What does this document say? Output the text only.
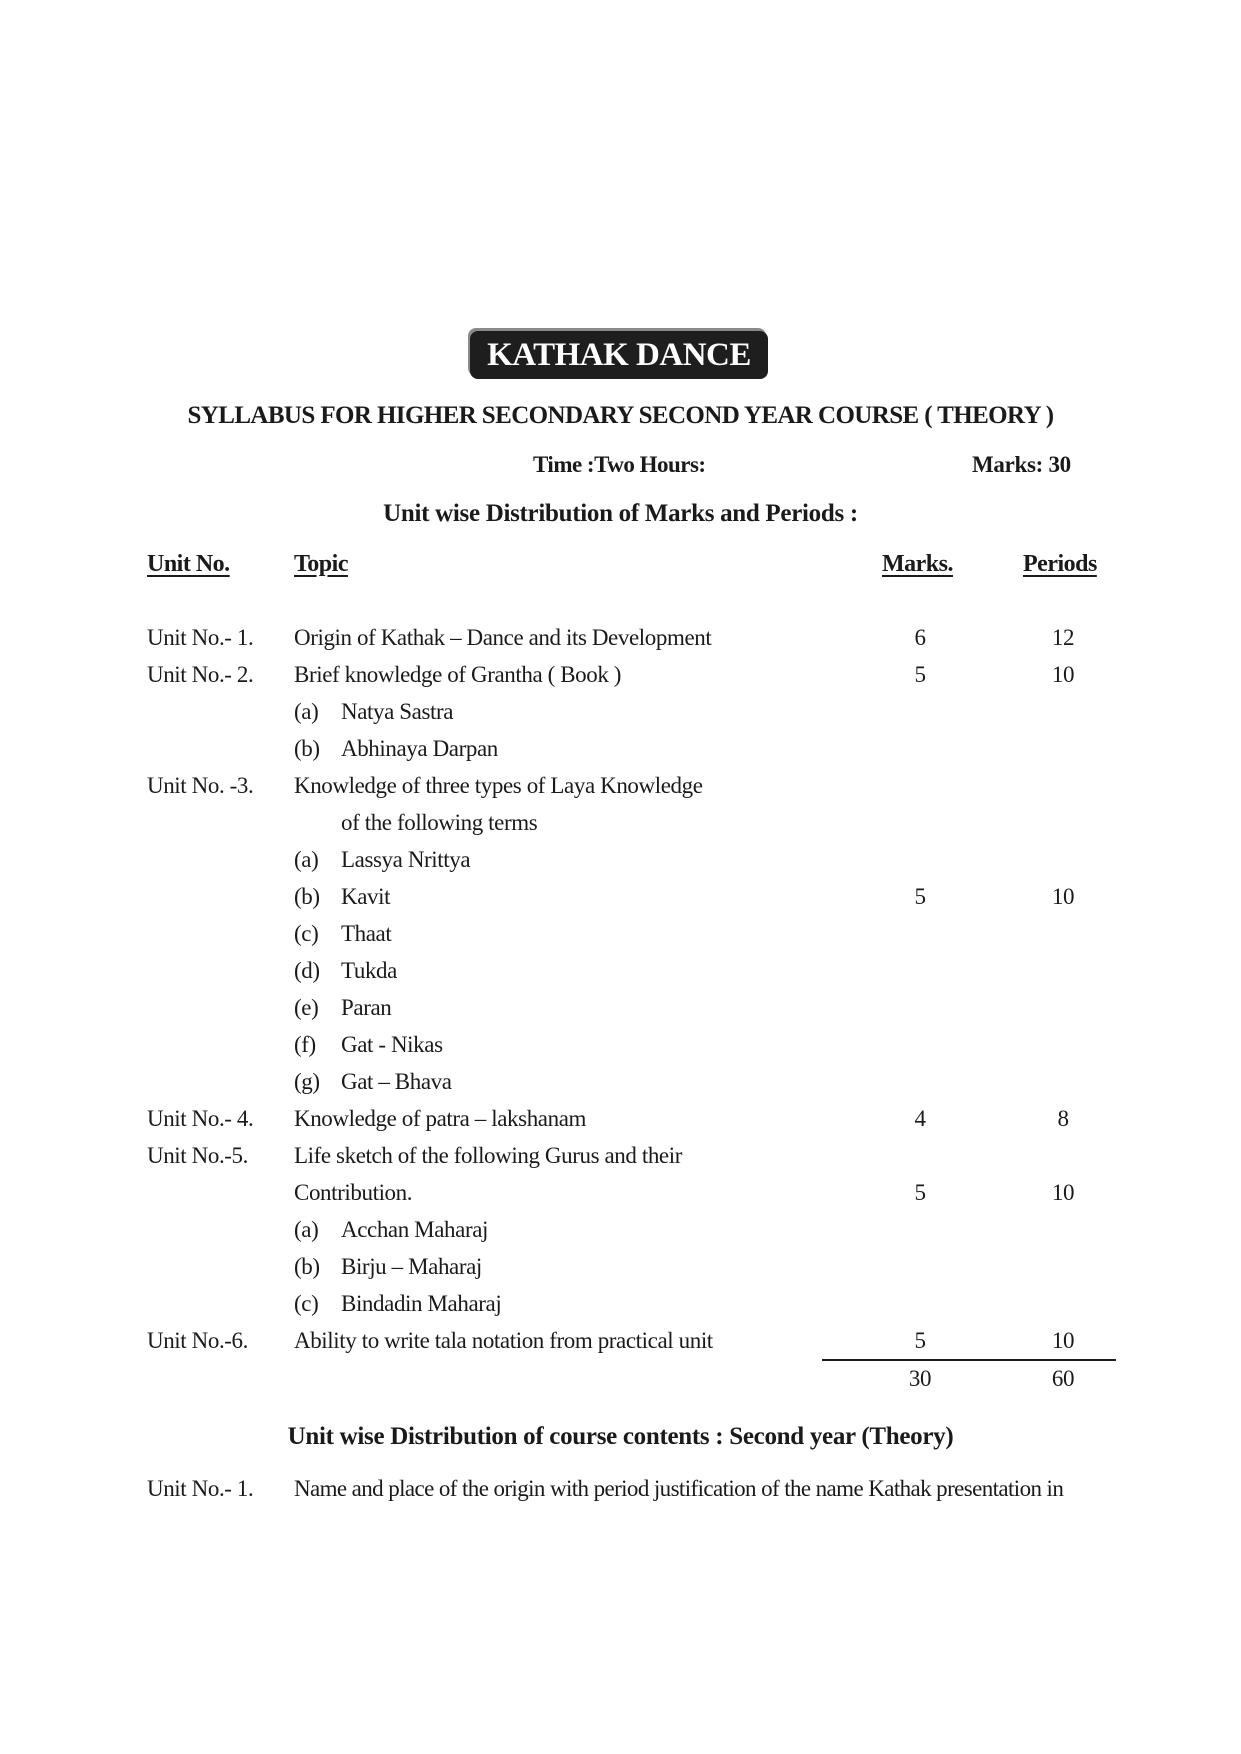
KATHAK DANCE
SYLLABUS FOR HIGHER SECONDARY SECOND YEAR COURSE ( THEORY )
Time :Two Hours:	Marks: 30
Unit wise Distribution of Marks and Periods :
Unit No.	Topic	Marks.	Periods
Unit No.- 1. Origin of Kathak – Dance and its Development	6	12
Unit No.- 2. Brief knowledge of Grantha ( Book )	5	10
(a) Natya Sastra
(b) Abhinaya Darpan
Unit No. -3. Knowledge of three types of Laya Knowledge
of the following terms
(a) Lassya Nrittya
(b) Kavit	5	10
(c) Thaat
(d) Tukda
(e) Paran
(f) Gat - Nikas
(g) Gat – Bhava
Unit No.- 4. Knowledge of patra – lakshanam	4	8
Unit No.-5. Life sketch of the following Gurus and their
Contribution.	5	10
(a) Acchan Maharaj
(b) Birju – Maharaj
(c) Bindadin Maharaj
Unit No.-6. Ability to write tala notation from practical unit	5	10
30	60
Unit wise Distribution of course contents : Second year (Theory)
Unit No.- 1. Name and place of the origin with period justification of the name Kathak presentation in
